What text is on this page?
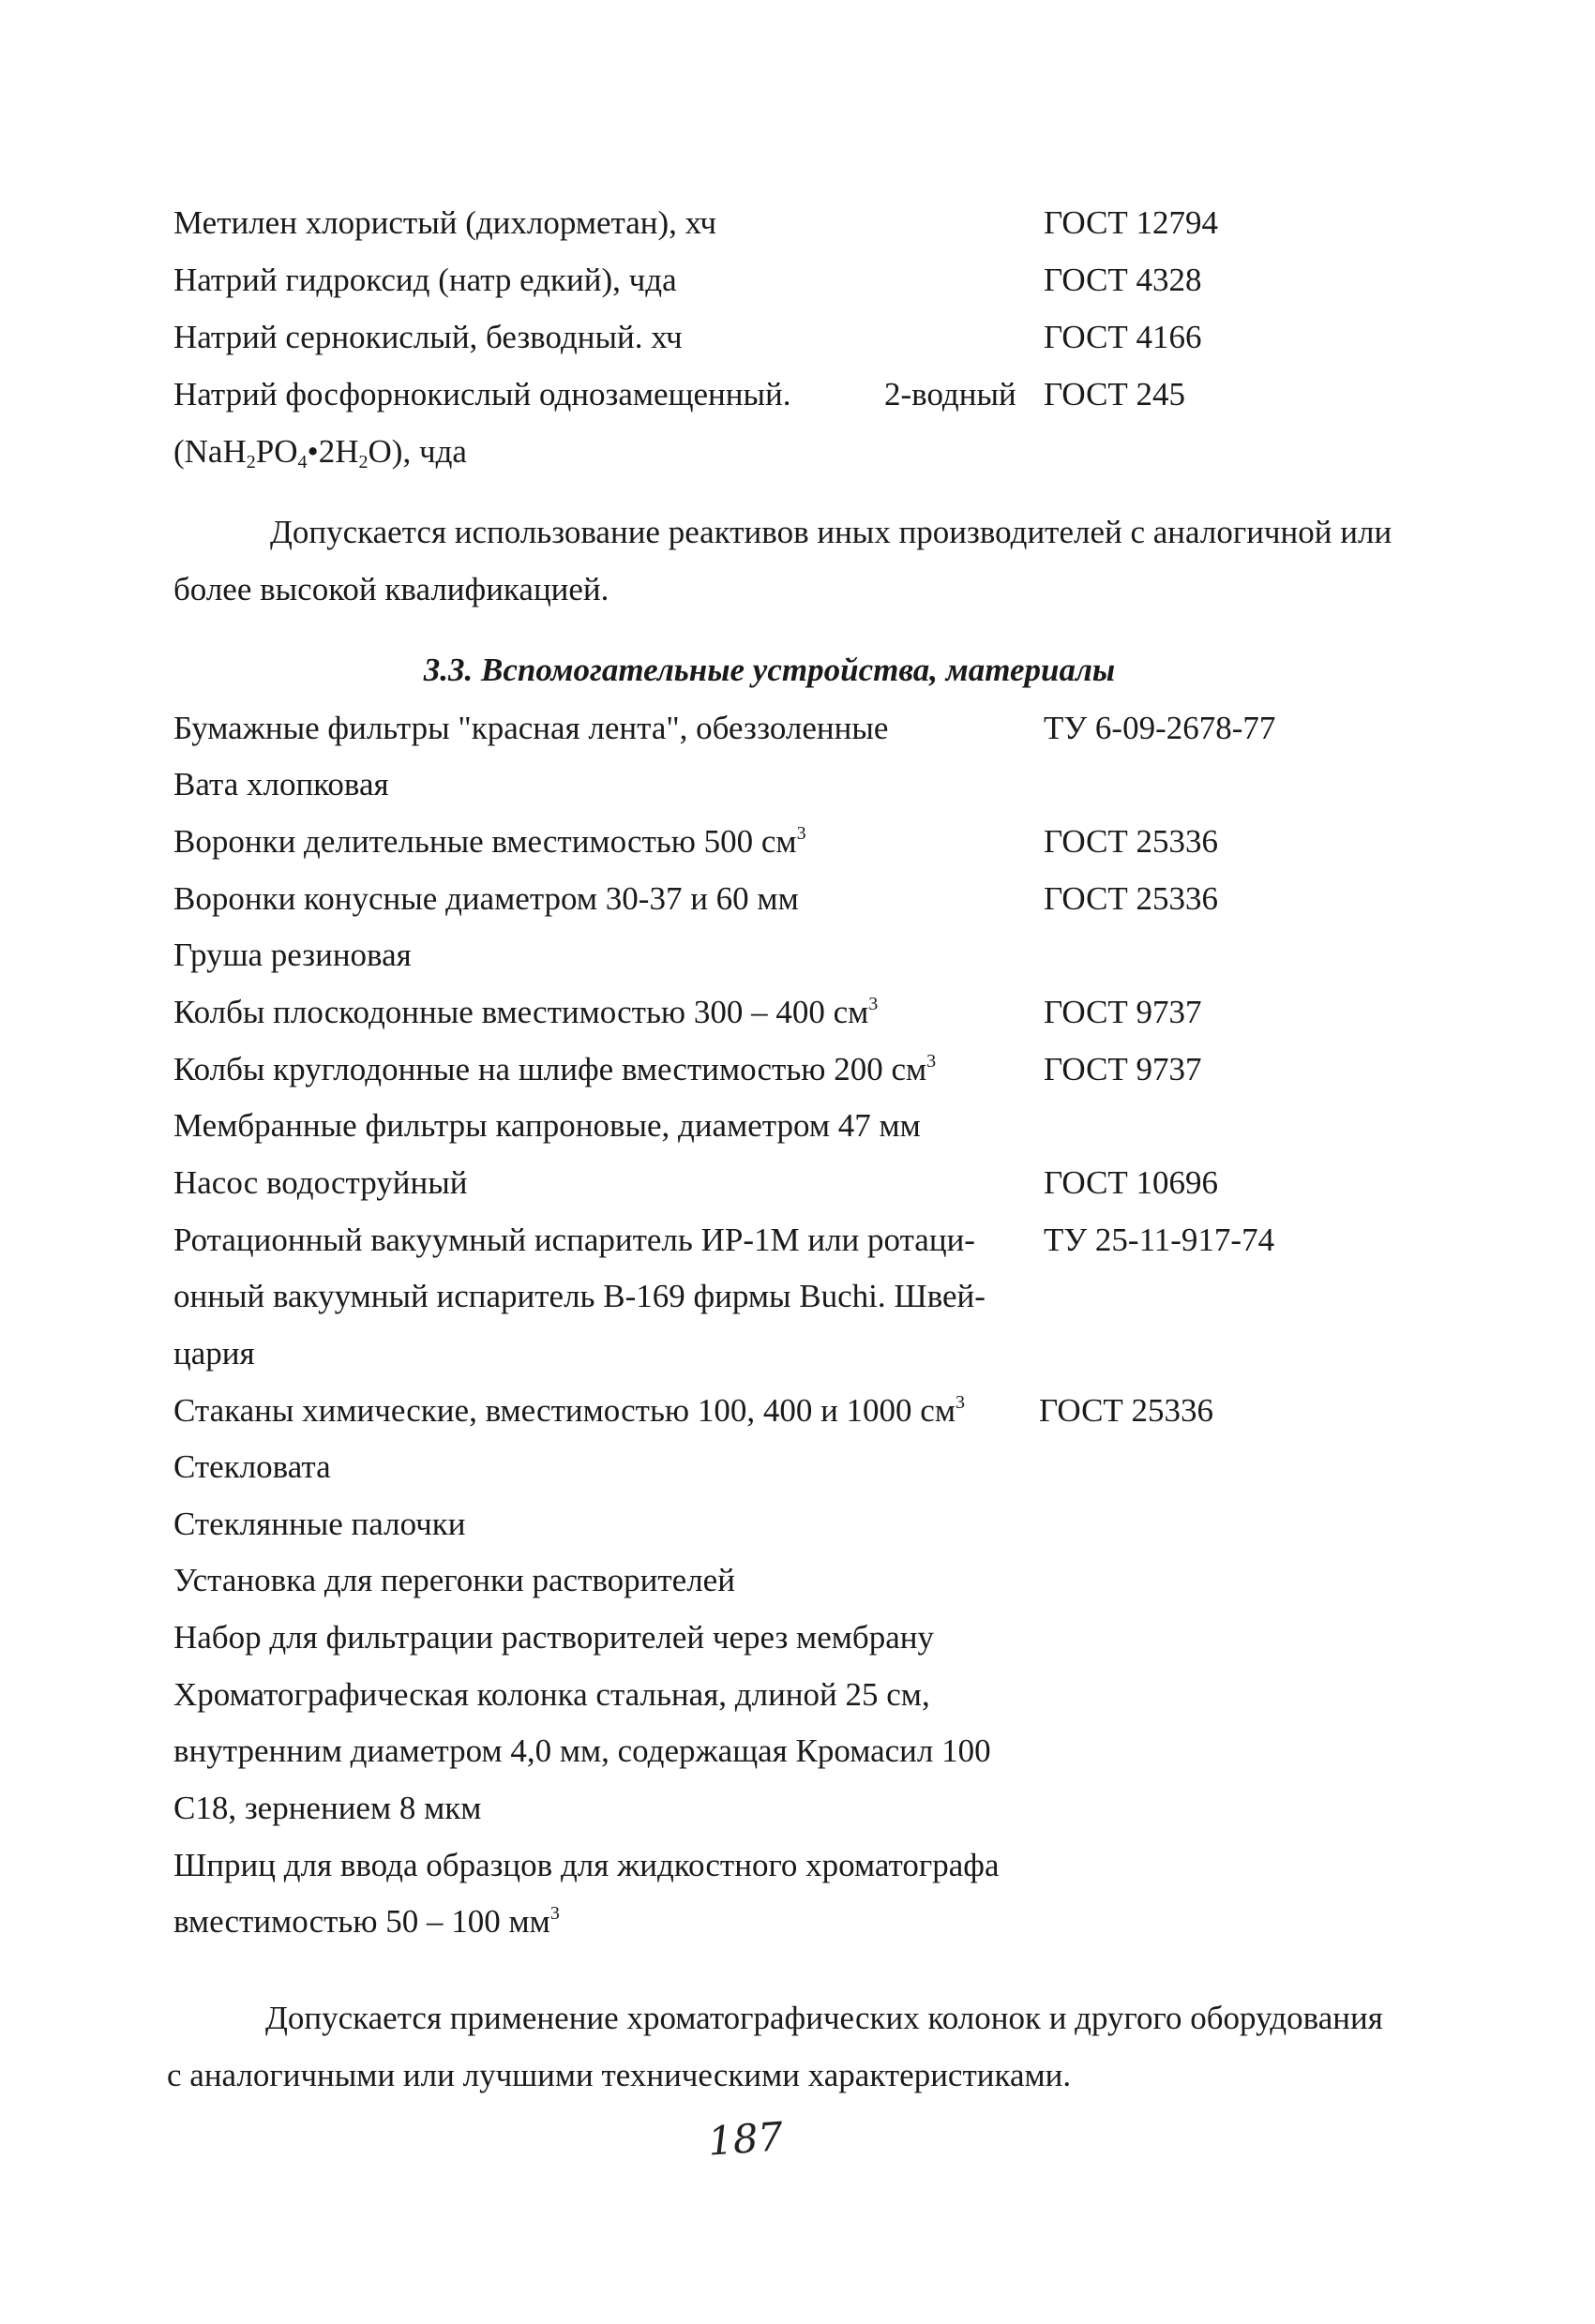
Метилен хлористый (дихлорметан), хч	ГОСТ 12794
Натрий гидроксид (натр едкий), чда	ГОСТ 4328
Натрий сернокислый, безводный. хч	ГОСТ 4166
Натрий фосфорнокислый однозамещенный.	2-водный ГОСТ 245
$(NaH_2PO_4•2H_2O)$, чда
Допускается использование реактивов иных производителей с аналогичной или
более высокой квалификацией.
3.3. Вспомогательные устройства, материалы
Бумажные фильтры "красная лента", обеззоленные	ТУ 6-09-2678-77
Вата хлопковая
Воронки делительные вместимостью 500 $см^3$	ГОСТ 25336
Воронки конусные диаметром 30-37 и 60 мм	ГОСТ 25336
Груша резиновая
Колбы плоскодонные вместимостью 300 – 400 $см^3$	ГОСТ 9737
Колбы круглодонные на шлифе вместимостью 200 $см^3$	ГОСТ 9737
Мембранные фильтры капроновые, диаметром 47 мм
Насос водоструйный	ГОСТ 10696
Ротационный вакуумный испаритель ИР-1М или ротаци- ТУ 25-11-917-74
онный вакуумный испаритель В-169 фирмы Buchi. Швей-
цария
Стаканы химические, вместимостью 100, 400 и 1000 $см^3$ ГОСТ 25336
Стекловата
Стеклянные палочки
Установка для перегонки растворителей
Набор для фильтрации растворителей через мембрану
Хроматографическая колонка стальная, длиной 25 см,
внутренним диаметром 4,0 мм, содержащая Кромасил 100
С18, зернением 8 мкм
Шприц для ввода образцов для жидкостного хроматографа
вместимостью 50 – 100 $мм^3$
Допускается применение хроматографических колонок и другого оборудования
с аналогичными или лучшими техническими характеристиками.
187
